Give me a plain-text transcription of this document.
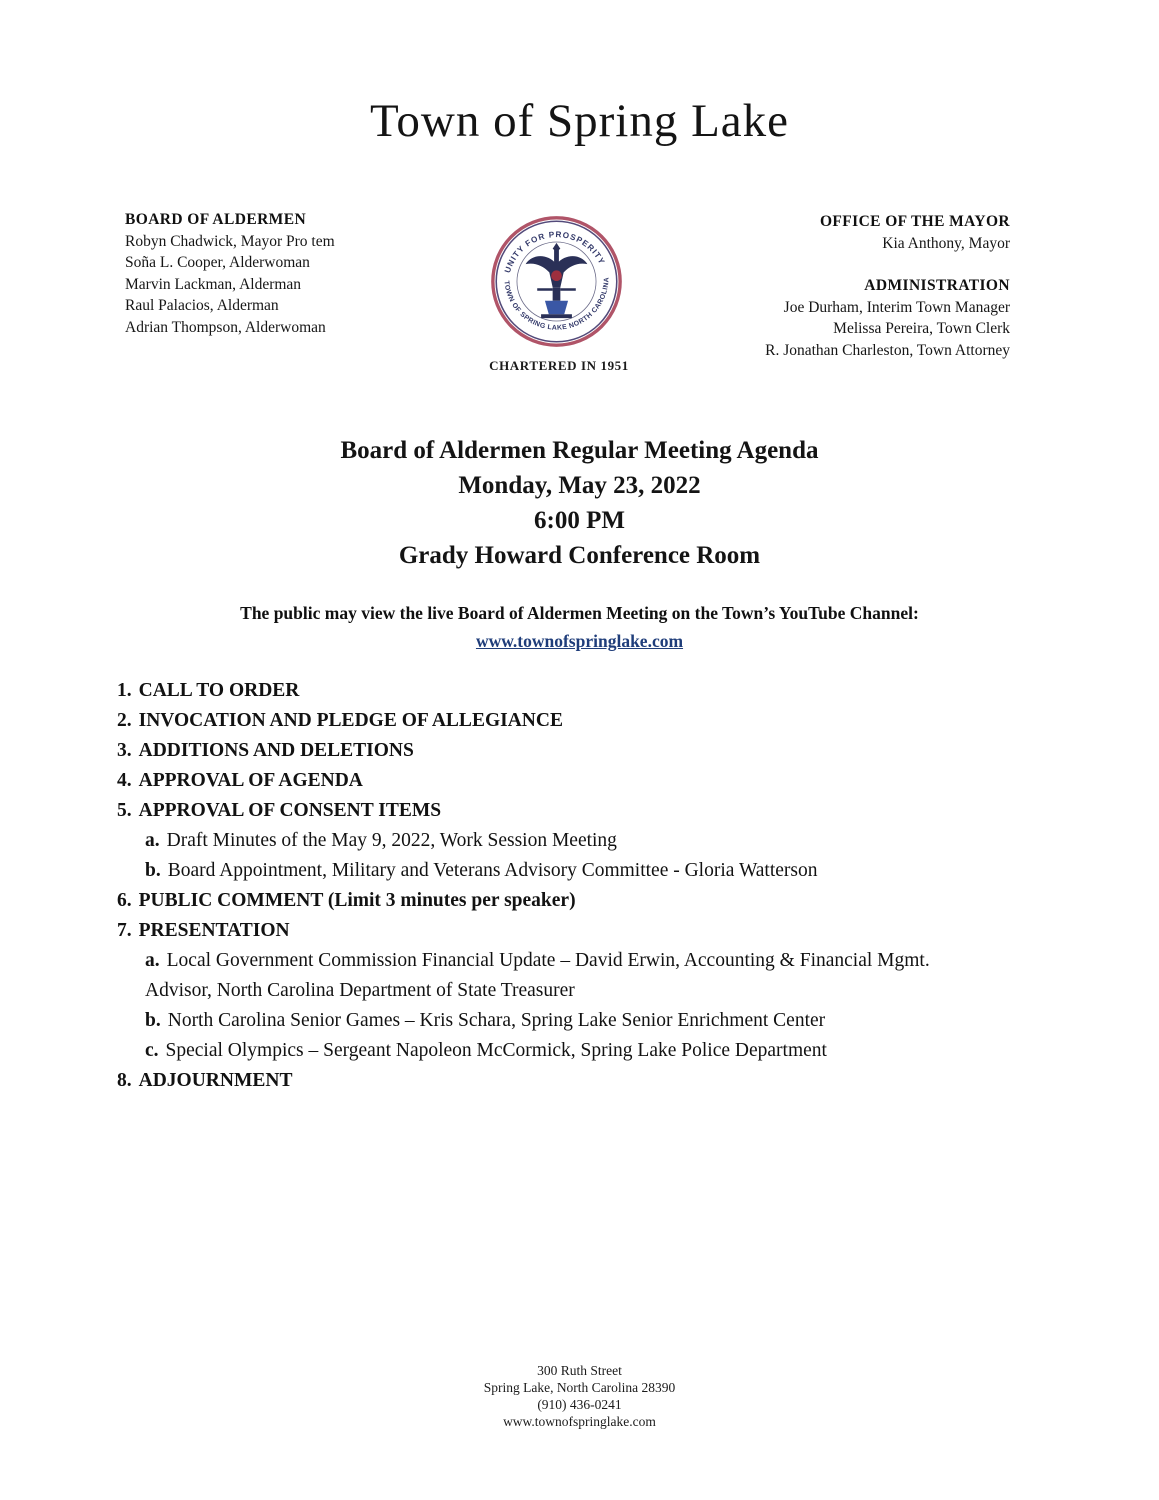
Town of Spring Lake
BOARD OF ALDERMEN
Robyn Chadwick, Mayor Pro tem
Soña L. Cooper, Alderwoman
Marvin Lackman, Alderman
Raul Palacios, Alderman
Adrian Thompson, Alderwoman
UNITY FOR PROSPERITY
TOWN OF SPRING LAKE NORTH CAROLINA
CHARTERED IN 1951
OFFICE OF THE MAYOR
Kia Anthony, Mayor
ADMINISTRATION
Joe Durham, Interim Town Manager
Melissa Pereira, Town Clerk
R. Jonathan Charleston, Town Attorney
Board of Aldermen Regular Meeting Agenda
Monday, May 23, 2022
6:00 PM
Grady Howard Conference Room
The public may view the live Board of Aldermen Meeting on the Town’s YouTube Channel:
www.townofspringlake.com
1. CALL TO ORDER
2. INVOCATION AND PLEDGE OF ALLEGIANCE
3. ADDITIONS AND DELETIONS
4. APPROVAL OF AGENDA
5. APPROVAL OF CONSENT ITEMS
a. Draft Minutes of the May 9, 2022, Work Session Meeting
b. Board Appointment, Military and Veterans Advisory Committee - Gloria Watterson
6. PUBLIC COMMENT (Limit 3 minutes per speaker)
7. PRESENTATION
a. Local Government Commission Financial Update – David Erwin, Accounting & Financial Mgmt. Advisor, North Carolina Department of State Treasurer
b. North Carolina Senior Games – Kris Schara, Spring Lake Senior Enrichment Center
c. Special Olympics – Sergeant Napoleon McCormick, Spring Lake Police Department
8. ADJOURNMENT
300 Ruth Street
Spring Lake, North Carolina 28390
(910) 436-0241
www.townofspringlake.com
